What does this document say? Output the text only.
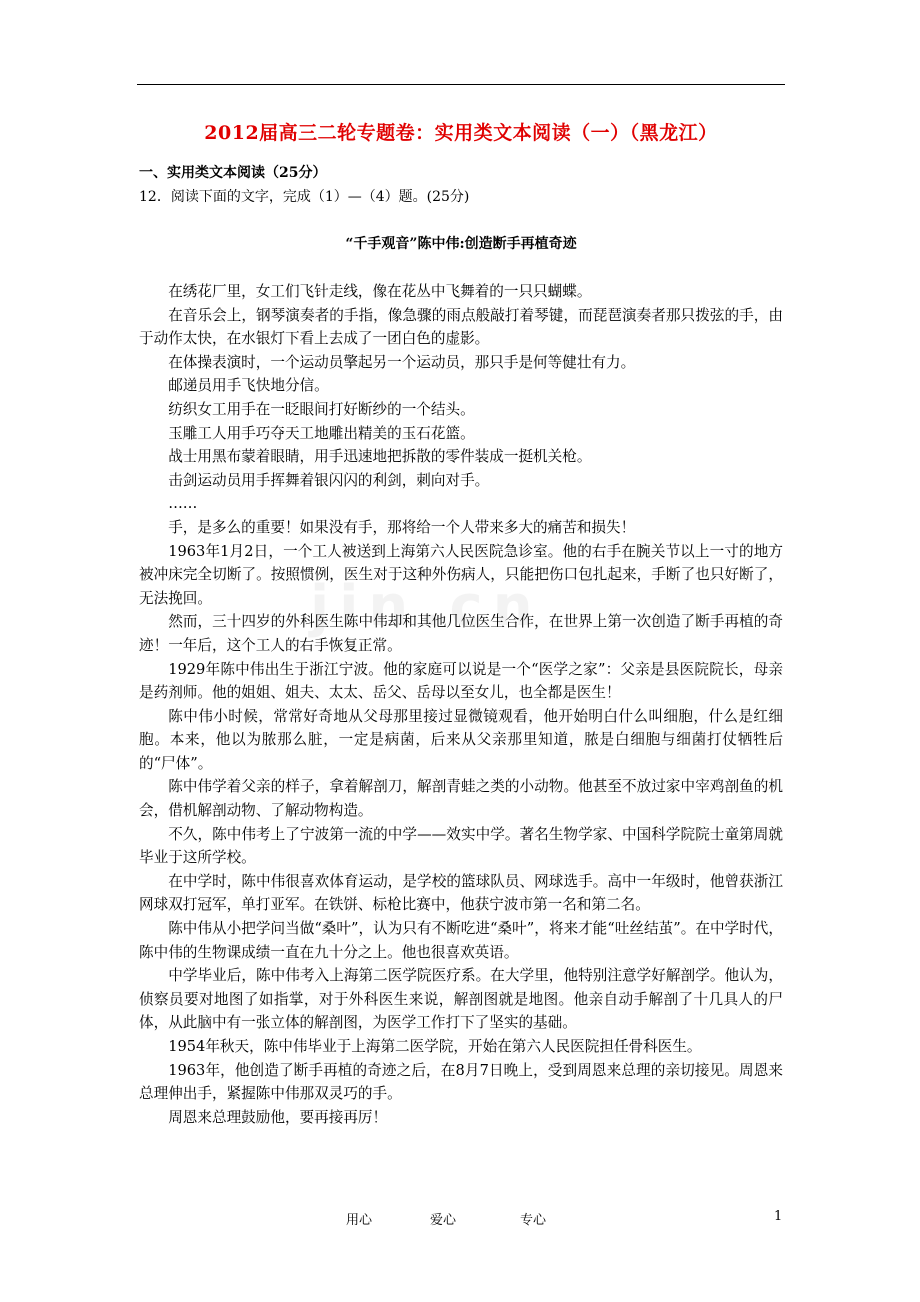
2012届高三二轮专题卷：实用类文本阅读（一）（黑龙江）
一、实用类文本阅读（25分）
12．阅读下面的文字，完成（1）—（4）题。(25分)
“千手观音”陈中伟:创造断手再植奇迹

在绣花厂里，女工们飞针走线，像在花丛中飞舞着的一只只蝴蝶。

在音乐会上，钢琴演奏者的手指，像急骤的雨点般敲打着琴键，而琵琶演奏者那只拨弦的手，由于动作太快，在水银灯下看上去成了一团白色的虚影。

在体操表演时，一个运动员擎起另一个运动员，那只手是何等健壮有力。

邮递员用手飞快地分信。

纺织女工用手在一眨眼间打好断纱的一个结头。

玉雕工人用手巧夺天工地雕出精美的玉石花篮。

战士用黑布蒙着眼睛，用手迅速地把拆散的零件装成一挺机关枪。

击剑运动员用手挥舞着银闪闪的利剑，刺向对手。

……

手，是多么的重要！如果没有手，那将给一个人带来多大的痛苦和损失！

1963年1月2日，一个工人被送到上海第六人民医院急诊室。他的右手在腕关节以上一寸的地方被冲床完全切断了。按照惯例，医生对于这种外伤病人，只能把伤口包扎起来，手断了也只好断了，无法挽回。

然而，三十四岁的外科医生陈中伟却和其他几位医生合作，在世界上第一次创造了断手再植的奇迹！一年后，这个工人的右手恢复正常。

1929年陈中伟出生于浙江宁波。他的家庭可以说是一个“医学之家”：父亲是县医院院长，母亲是药剂师。他的姐姐、姐夫、太太、岳父、岳母以至女儿，也全都是医生！

陈中伟小时候，常常好奇地从父母那里接过显微镜观看，他开始明白什么叫细胞，什么是红细胞。本来，他以为脓那么脏，一定是病菌，后来从父亲那里知道，脓是白细胞与细菌打仗牺牲后的“尸体”。

陈中伟学着父亲的样子，拿着解剖刀，解剖青蛙之类的小动物。他甚至不放过家中宰鸡剖鱼的机会，借机解剖动物、了解动物构造。

不久，陈中伟考上了宁波第一流的中学——效实中学。著名生物学家、中国科学院院士童第周就毕业于这所学校。

在中学时，陈中伟很喜欢体育运动，是学校的篮球队员、网球选手。高中一年级时，他曾获浙江网球双打冠军，单打亚军。在铁饼、标枪比赛中，他获宁波市第一名和第二名。

陈中伟从小把学问当做“桑叶”，认为只有不断吃进“桑叶”，将来才能“吐丝结茧”。在中学时代，陈中伟的生物课成绩一直在九十分之上。他也很喜欢英语。

中学毕业后，陈中伟考入上海第二医学院医疗系。在大学里，他特别注意学好解剖学。他认为，侦察员要对地图了如指掌，对于外科医生来说，解剖图就是地图。他亲自动手解剖了十几具人的尸体，从此脑中有一张立体的解剖图，为医学工作打下了坚实的基础。

1954年秋天，陈中伟毕业于上海第二医学院，开始在第六人民医院担任骨科医生。

1963年，他创造了断手再植的奇迹之后，在8月7日晚上，受到周恩来总理的亲切接见。周恩来总理伸出手，紧握陈中伟那双灵巧的手。

周恩来总理鼓励他，要再接再厉！

用心	爱心	专心	1
